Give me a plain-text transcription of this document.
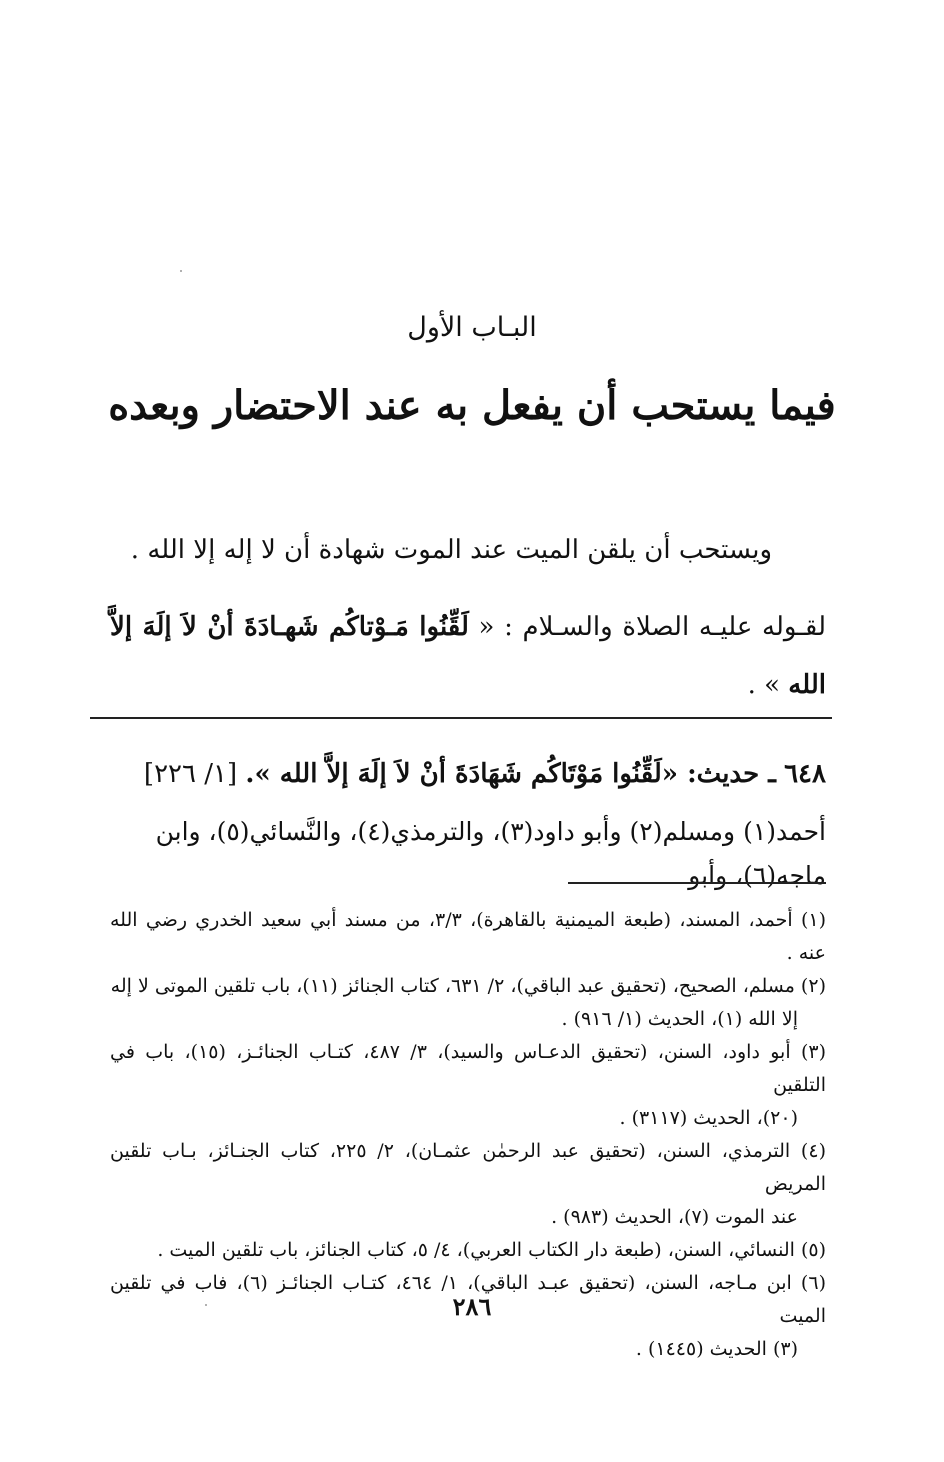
البـاب الأول
فيما يستحب أن يفعل به عند الاحتضار وبعده
ويستحب أن يلقن الميت عند الموت شهادة أن لا إله إلا الله .
لقـوله عليـه الصلاة والسـلام : « لَقِّنُوا مَـوْتاكُم شَهـادَةَ أنْ لاَ إلَهَ إلاَّ الله » .
٦٤٨ ـ حديث: «لَقِّنُوا مَوْتَاكُم شَهَادَةَ أنْ لاَ إلَهَ إلاَّ الله ». [١/ ٢٢٦]
أحمد(١) ومسلم(٢) وأبو داود(٣)، والترمذي(٤)، والنَّسائي(٥)، وابن ماجه(٦)، وأبو
(١) أحمد، المسند، (طبعة الميمنية بالقاهرة)، ٣/٣، من مسند أبي سعيد الخدري رضي الله عنه .
(٢) مسلم، الصحيح، (تحقيق عبد الباقي)، ٢/ ٦٣١، كتاب الجنائز (١١)، باب تلقين الموتى لا إله
إلا الله (١)، الحديث (١/ ٩١٦) .
(٣) أبو داود، السنن، (تحقيق الدعـاس والسيد)، ٣/ ٤٨٧، كتـاب الجنائـز، (١٥)، باب في التلقين
(٢٠)، الحديث (٣١١٧) .
(٤) الترمذي، السنن، (تحقيق عبد الرحمٰن عثمـان)، ٢/ ٢٢٥، كتاب الجنـائز، بـاب تلقين المريض
عند الموت (٧)، الحديث (٩٨٣) .
(٥) النسائي، السنن، (طبعة دار الكتاب العربي)، ٤/ ٥، كتاب الجنائز، باب تلقين الميت .
(٦) ابن مـاجه، السنن، (تحقيق عبـد الباقي)، ١/ ٤٦٤، كتـاب الجنائـز (٦)، فاب في تلقين الميت
(٣) الحديث (١٤٤٥) .
٢٨٦
